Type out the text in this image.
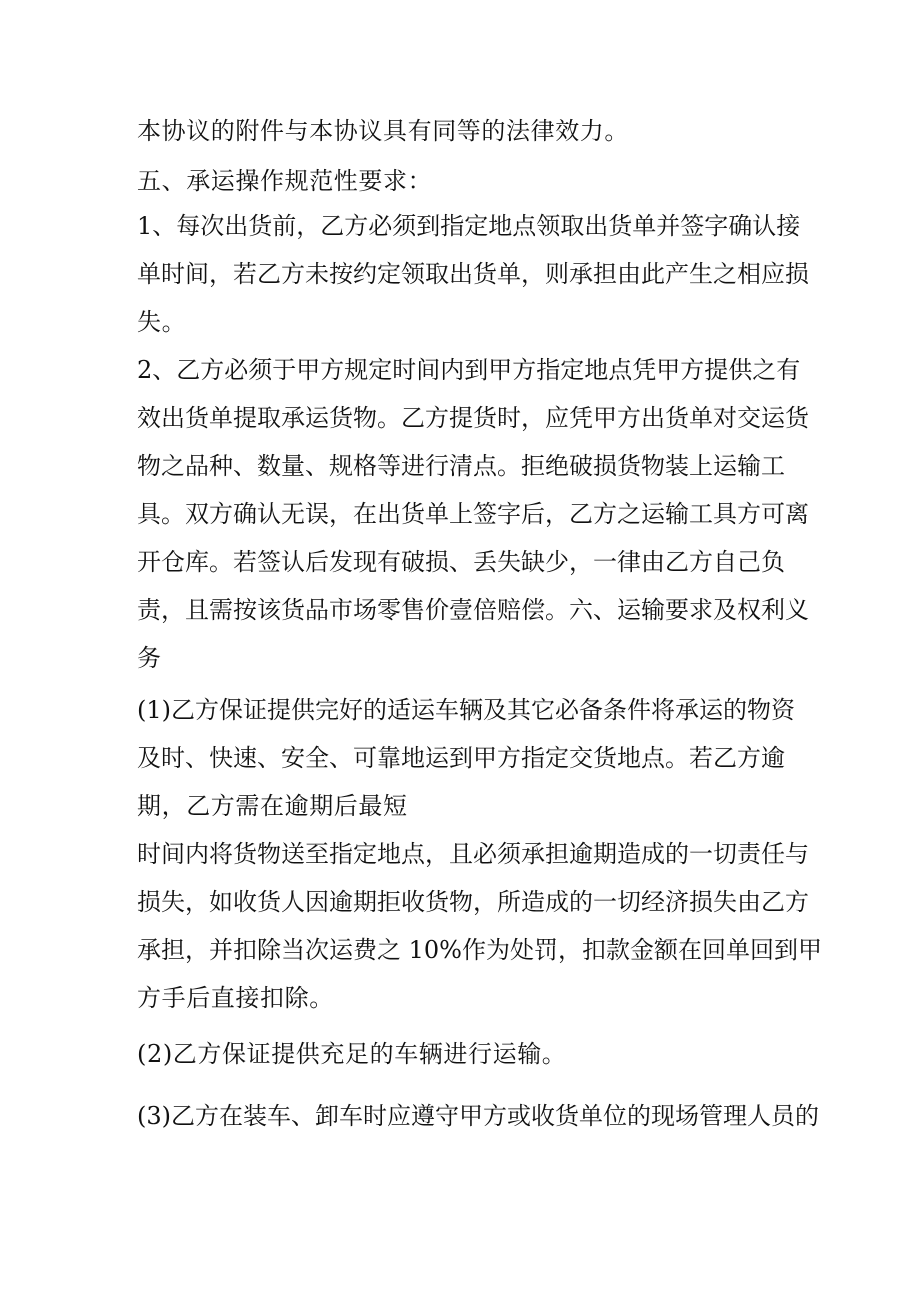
本协议的附件与本协议具有同等的法律效力。

五、承运操作规范性要求：

1、每次出货前，乙方必须到指定地点领取出货单并签字确认接

单时间，若乙方未按约定领取出货单，则承担由此产生之相应损

失。

2、乙方必须于甲方规定时间内到甲方指定地点凭甲方提供之有

效出货单提取承运货物。乙方提货时，应凭甲方出货单对交运货

物之品种、数量、规格等进行清点。拒绝破损货物装上运输工

具。双方确认无误，在出货单上签字后，乙方之运输工具方可离

开仓库。若签认后发现有破损、丢失缺少，一律由乙方自己负

责，且需按该货品市场零售价壹倍赔偿。六、运输要求及权利义

务

(1)乙方保证提供完好的适运车辆及其它必备条件将承运的物资

及时、快速、安全、可靠地运到甲方指定交货地点。若乙方逾

期，乙方需在逾期后最短

时间内将货物送至指定地点，且必须承担逾期造成的一切责任与

损失，如收货人因逾期拒收货物，所造成的一切经济损失由乙方

承担，并扣除当次运费之 10%作为处罚，扣款金额在回单回到甲

方手后直接扣除。

(2)乙方保证提供充足的车辆进行运输。

(3)乙方在装车、卸车时应遵守甲方或收货单位的现场管理人员的
